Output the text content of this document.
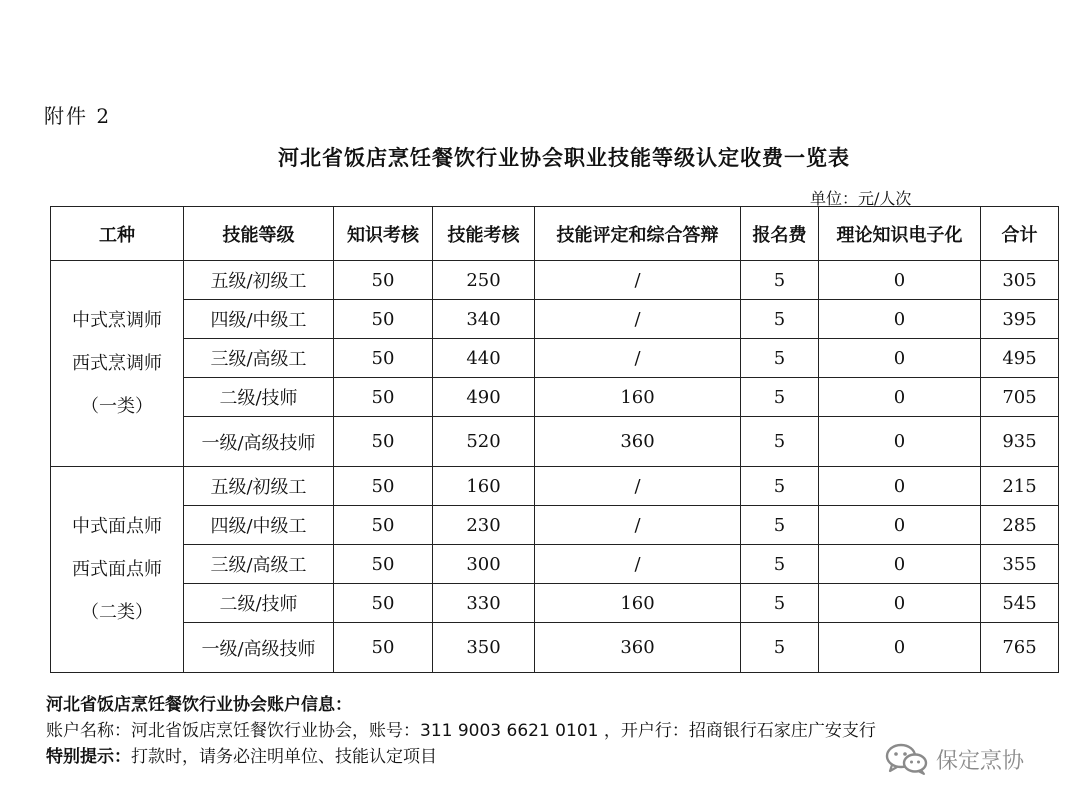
附件 2
河北省饭店烹饪餐饮行业协会职业技能等级认定收费一览表
单位：元/人次
工种	技能等级	知识考核	技能考核	技能评定和综合答辩	报名费	理论知识电子化	合计

中式烹调师
西式烹调师
（一类）	五级/初级工	50	250	/	5	0	305
	四级/中级工	50	340	/	5	0	395
	三级/高级工	50	440	/	5	0	495
	二级/技师	50	490	160	5	0	705
	一级/高级技师	50	520	360	5	0	935

中式面点师
西式面点师
（二类）	五级/初级工	50	160	/	5	0	215
	四级/中级工	50	230	/	5	0	285
	三级/高级工	50	300	/	5	0	355
	二级/技师	50	330	160	5	0	545
	一级/高级技师	50	350	360	5	0	765
河北省饭店烹饪餐饮行业协会账户信息：
账户名称：河北省饭店烹饪餐饮行业协会，账号：311 9003 6621 0101 ，开户行：招商银行石家庄广安支行
特别提示：打款时，请务必注明单位、技能认定项目	保定烹协
